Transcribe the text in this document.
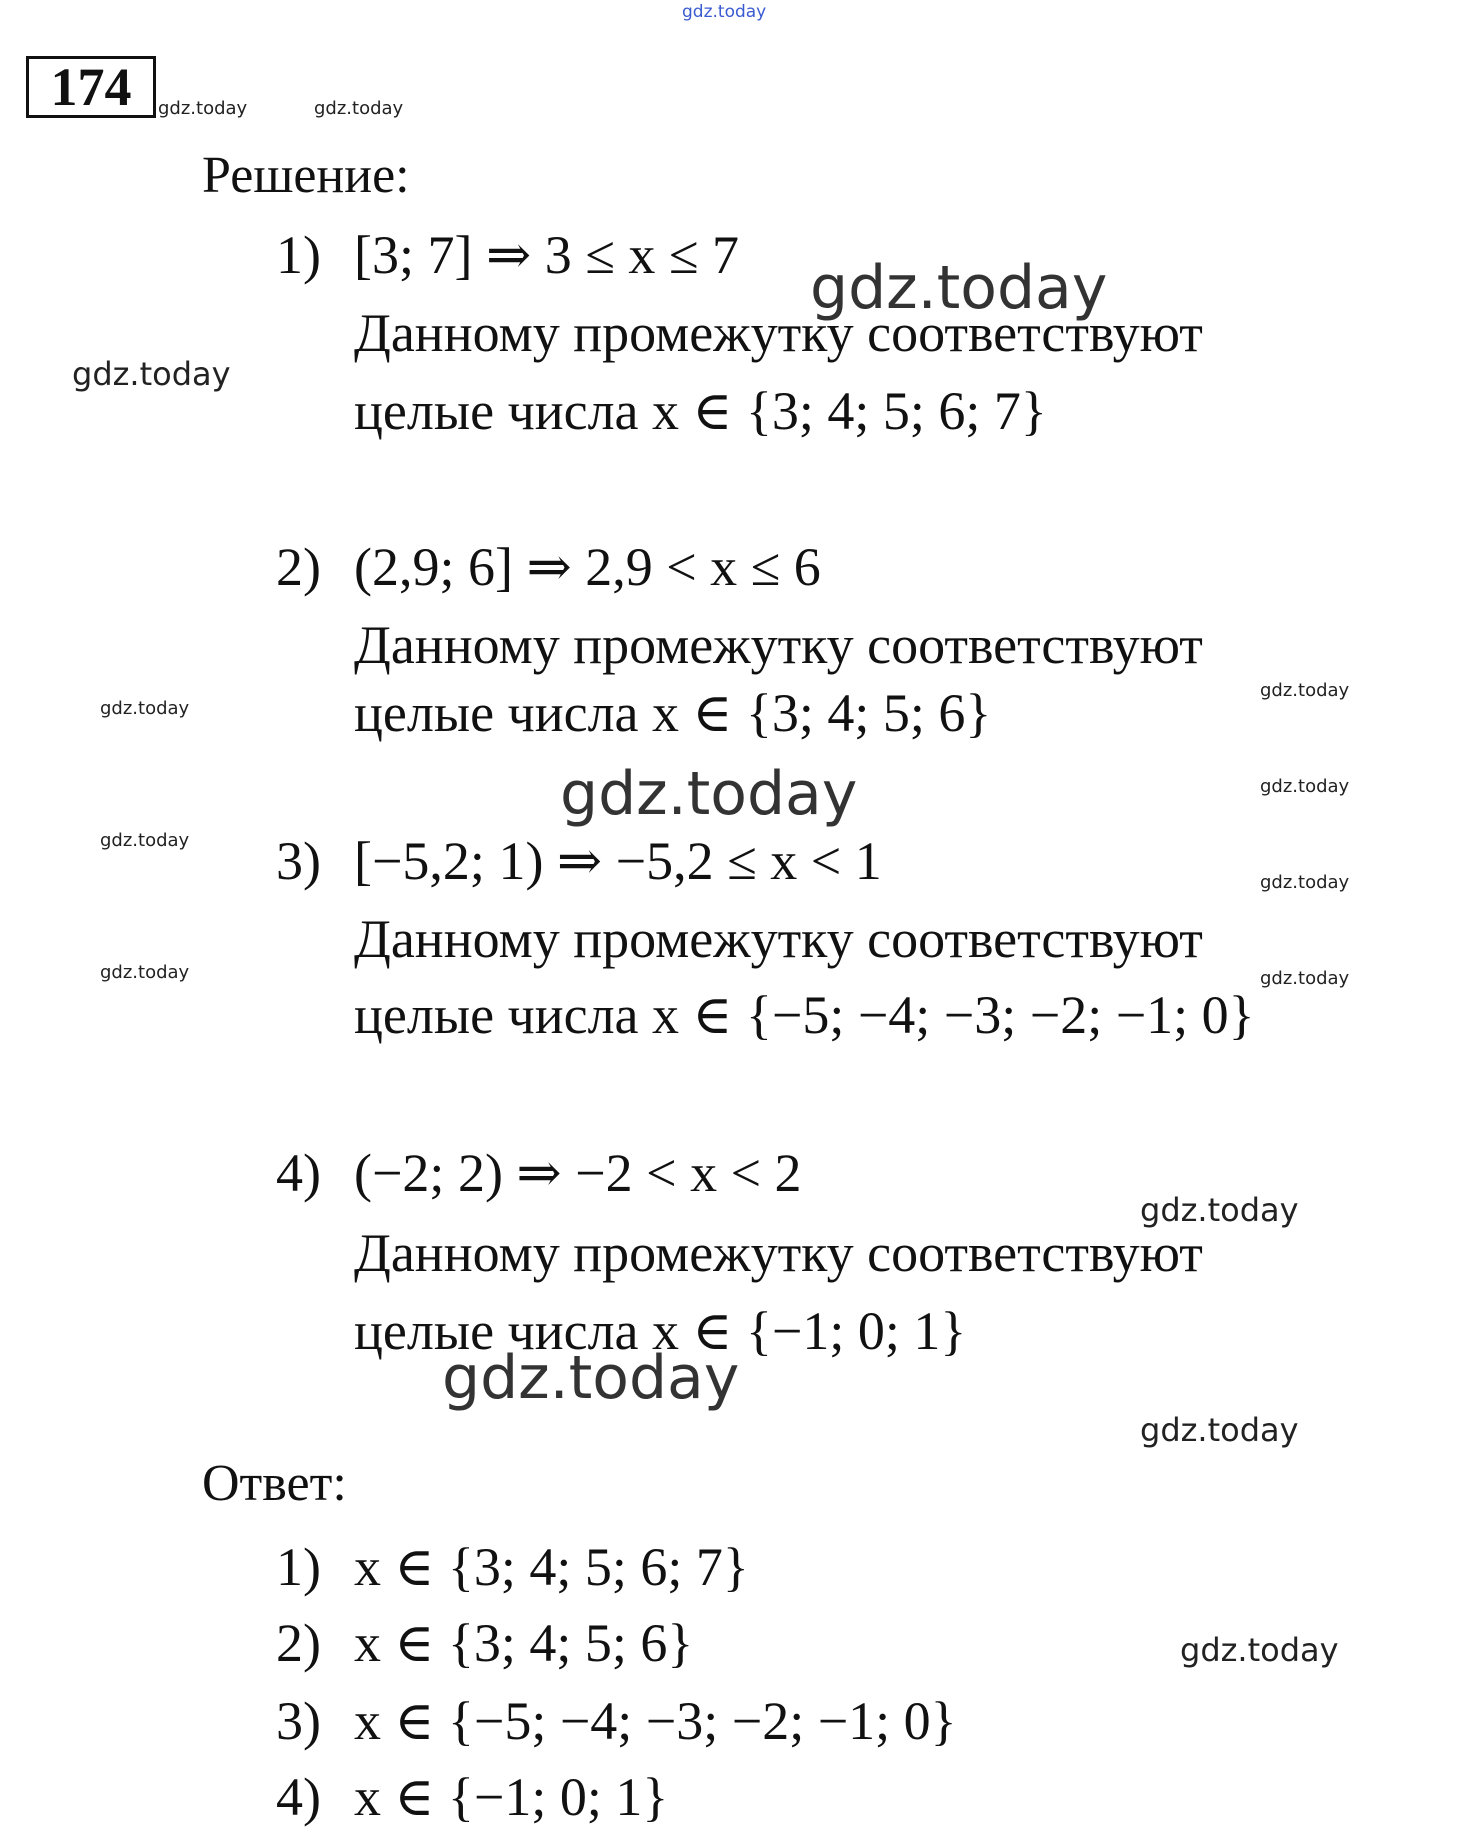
gdz.today
gdz.today	gdz.today
gdz.today
gdz.today
gdz.today
gdz.today
gdz.today	gdz.today
gdz.today
gdz.today
gdz.today	gdz.today
gdz.today
gdz.today
gdz.today
gdz.today
174
Решение:
1) [3; 7] ⇒ 3 ≤ x ≤ 7
Данному промежутку соответствуют
целые числа x ∈ {3; 4; 5; 6; 7}
2) (2,9; 6] ⇒ 2,9 < x ≤ 6
Данному промежутку соответствуют
целые числа x ∈ {3; 4; 5; 6}
3) [−5,2; 1) ⇒ −5,2 ≤ x < 1
Данному промежутку соответствуют
целые числа x ∈ {−5; −4; −3; −2; −1; 0}
4) (−2; 2) ⇒ −2 < x < 2
Данному промежутку соответствуют
целые числа x ∈ {−1; 0; 1}
Ответ:
1) x ∈ {3; 4; 5; 6; 7}
2) x ∈ {3; 4; 5; 6}
3) x ∈ {−5; −4; −3; −2; −1; 0}
4) x ∈ {−1; 0; 1}
